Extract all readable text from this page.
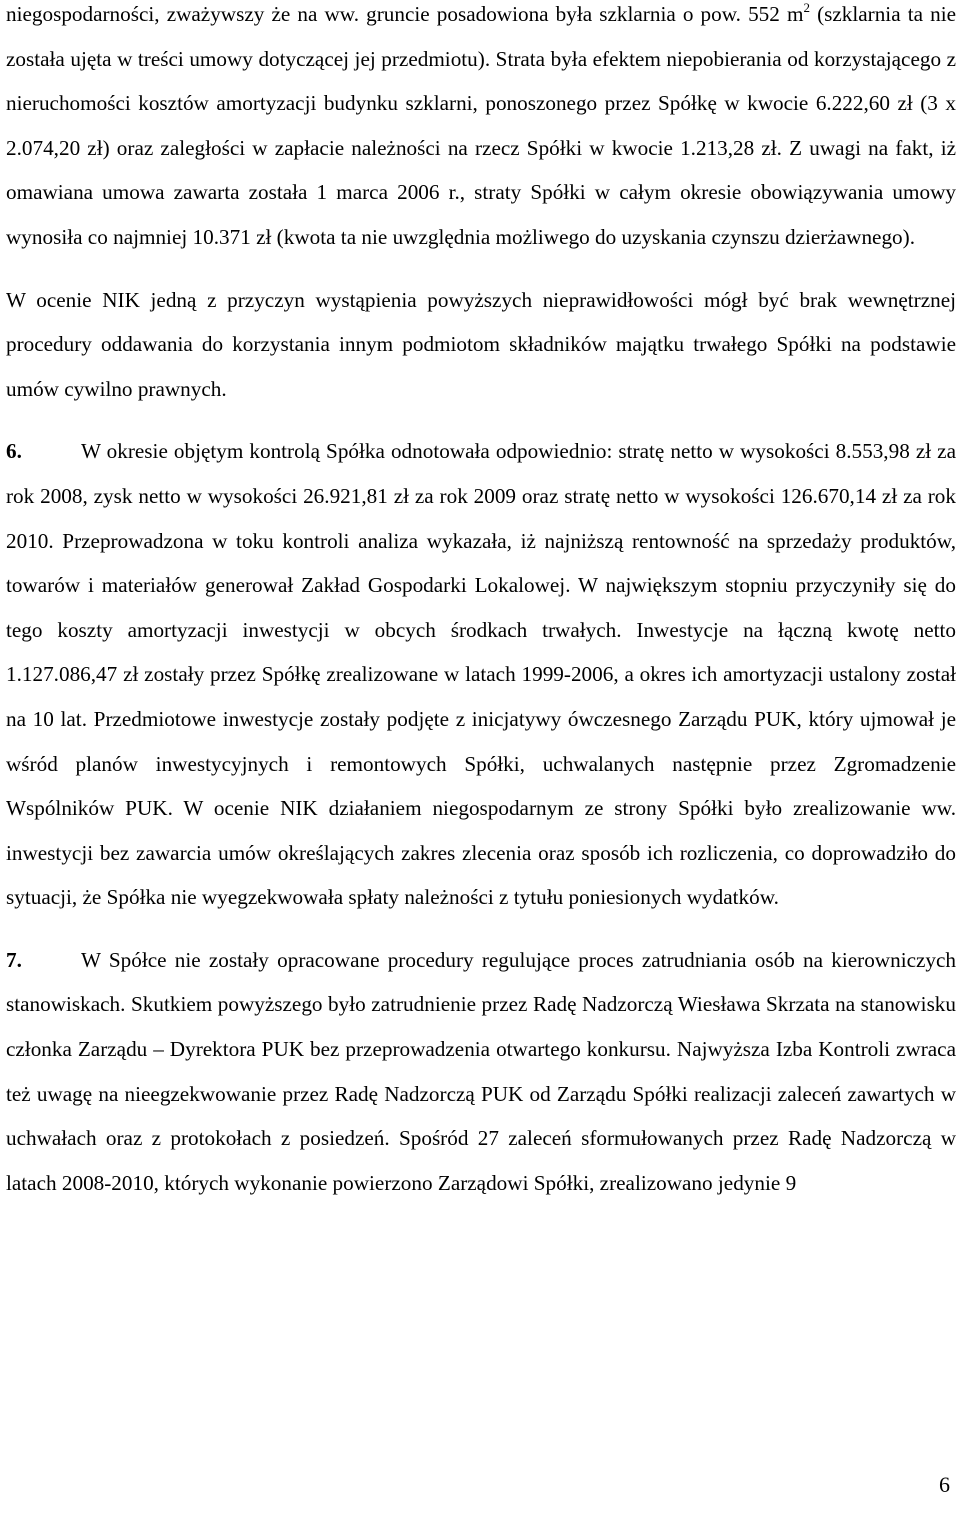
niegospodarności, zważywszy że na ww. gruncie posadowiona była szklarnia o pow. 552 $m^2$ (szklarnia ta nie została ujęta w treści umowy dotyczącej jej przedmiotu). Strata była efektem niepobierania od korzystającego z nieruchomości kosztów amortyzacji budynku szklarni, ponoszonego przez Spółkę w kwocie 6.222,60 zł (3 x 2.074,20 zł) oraz zaległości w zapłacie należności na rzecz Spółki w kwocie 1.213,28 zł. Z uwagi na fakt, iż omawiana umowa zawarta została 1 marca 2006 r., straty Spółki w całym okresie obowiązywania umowy wynosiła co najmniej 10.371 zł (kwota ta nie uwzględnia możliwego do uzyskania czynszu dzierżawnego).

W ocenie NIK jedną z przyczyn wystąpienia powyższych nieprawidłowości mógł być brak wewnętrznej procedury oddawania do korzystania innym podmiotom składników majątku trwałego Spółki na podstawie umów cywilno prawnych.

6.	W okresie objętym kontrolą Spółka odnotowała odpowiednio: stratę netto w wysokości 8.553,98 zł za rok 2008, zysk netto w wysokości 26.921,81 zł za rok 2009 oraz stratę netto w wysokości 126.670,14 zł za rok 2010. Przeprowadzona w toku kontroli analiza wykazała, iż najniższą rentowność na sprzedaży produktów, towarów i materiałów generował Zakład Gospodarki Lokalowej. W największym stopniu przyczyniły się do tego koszty amortyzacji inwestycji w obcych środkach trwałych. Inwestycje na łączną kwotę netto 1.127.086,47 zł zostały przez Spółkę zrealizowane w latach 1999-2006, a okres ich amortyzacji ustalony został na 10 lat. Przedmiotowe inwestycje zostały podjęte z inicjatywy ówczesnego Zarządu PUK, który ujmował je wśród planów inwestycyjnych i remontowych Spółki, uchwalanych następnie przez Zgromadzenie Wspólników PUK. W ocenie NIK działaniem niegospodarnym ze strony Spółki było zrealizowanie ww. inwestycji bez zawarcia umów określających zakres zlecenia oraz sposób ich rozliczenia, co doprowadziło do sytuacji, że Spółka nie wyegzekwowała spłaty należności z tytułu poniesionych wydatków.

7.	W Spółce nie zostały opracowane procedury regulujące proces zatrudniania osób na kierowniczych stanowiskach. Skutkiem powyższego było zatrudnienie przez Radę Nadzorczą Wiesława Skrzata na stanowisku członka Zarządu – Dyrektora PUK bez przeprowadzenia otwartego konkursu. Najwyższa Izba Kontroli zwraca też uwagę na nieegzekwowanie przez Radę Nadzorczą PUK od Zarządu Spółki realizacji zaleceń zawartych w uchwałach oraz z protokołach z posiedzeń. Spośród 27 zaleceń sformułowanych przez Radę Nadzorczą w latach 2008-2010, których wykonanie powierzono Zarządowi Spółki, zrealizowano jedynie 9

6
